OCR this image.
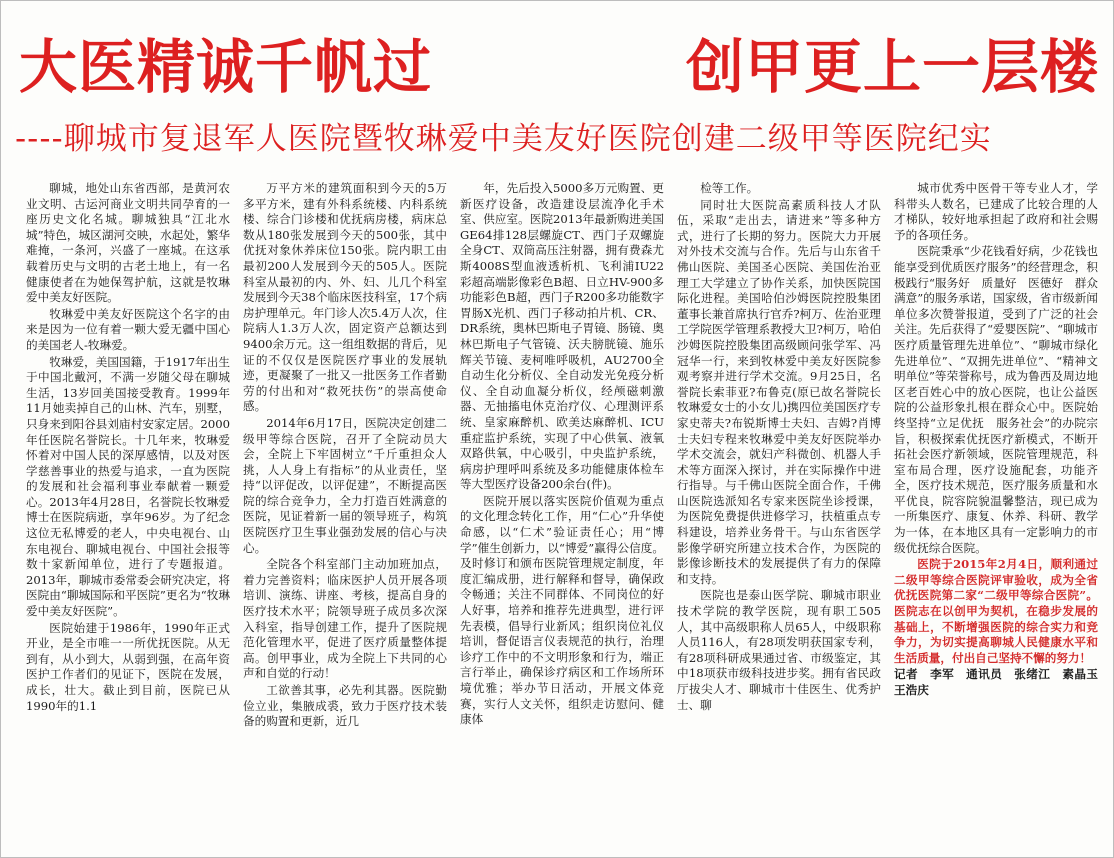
大医精诚千帆过	创甲更上一层楼
----聊城市复退军人医院暨牧琳爱中美友好医院创建二级甲等医院纪实

聊城，地处山东省西部，是黄河农业文明、古运河商业文明共同孕育的一座历史文化名城。聊城独具“江北水城”特色，城区湖河交映，水起处，繁华难掩，一条河，兴盛了一座城。在这承载着历史与文明的古老土地上，有一名健康使者在为她保驾护航，这就是牧琳爱中美友好医院。

牧琳爱中美友好医院这个名字的由来是因为一位有着一颗大爱无疆中国心的美国老人-牧琳爱。

牧琳爱，美国国籍，于1917年出生于中国北戴河，不满一岁随父母在聊城生活，13岁回美国接受教育。1999年11月她卖掉自己的山林、汽车，别墅，只身来到阳谷县刘庙村安家定居。2000年任医院名誉院长。十几年来，牧琳爱怀着对中国人民的深厚感情，以及对医学慈善事业的热爱与追求，一直为医院的发展和社会福利事业奉献着一颗爱心。2013年4月28日，名誉院长牧琳爱博士在医院病逝，享年96岁。为了纪念这位无私博爱的老人，中央电视台、山东电视台、聊城电视台、中国社会报等数十家新闻单位，进行了专题报道。2013年，聊城市委常委会研究决定，将医院由“聊城国际和平医院”更名为“牧琳爱中美友好医院”。

医院始建于1986年，1990年正式开业，是全市唯一一所优抚医院。从无到有，从小到大，从弱到强，在高年资医护工作者们的见证下，医院在发展，成长，壮大。截止到目前，医院已从1990年的1.1

万平方米的建筑面积到今天的5万多平方米，建有外科系统楼、内科系统楼、综合门诊楼和优抚病房楼，病床总数从180张发展到今天的500张，其中优抚对象休养床位150张。院内职工由最初200人发展到今天的505人。医院科室从最初的内、外、妇、儿几个科室发展到今天38个临床医技科室，17个病房护理单元。年门诊人次5.4万人次，住院病人1.3万人次，固定资产总额达到9400余万元。这一组组数据的背后，见证的不仅仅是医院医疗事业的发展轨迹，更凝聚了一批又一批医务工作者勤劳的付出和对“救死扶伤”的崇高使命感。

2014年6月17日，医院决定创建二级甲等综合医院，召开了全院动员大会，全院上下牢固树立“千斤重担众人挑，人人身上有指标”的从业责任，坚持“以评促改，以评促建”，不断提高医院的综合竞争力，全力打造百姓满意的医院，见证着新一届的领导班子，构筑医院医疗卫生事业强劲发展的信心与决心。

全院各个科室部门主动加班加点，着力完善资料；临床医护人员开展各项培训、演练、讲座、考核，提高自身的医疗技术水平；院领导班子成员多次深入科室，指导创建工作，提升了医院规范化管理水平，促进了医疗质量整体提高。创甲事业，成为全院上下共同的心声和自觉的行动！

工欲善其事，必先利其器。医院勤俭立业，集腋成裘，致力于医疗技术装备的购置和更新，近几

年，先后投入5000多万元购置、更新医疗设备，改造建设层流净化手术室、供应室。医院2013年最新购进美国GE64排128层螺旋CT、西门子双螺旋全身CT、双筒高压注射器，拥有费森尤斯4008S型血液透析机、飞利浦IU22彩超高端影像彩色B超、日立HV-900多功能彩色B超，西门子R200多功能数字胃肠X光机、西门子移动拍片机、CR、DR系统，奥林巴斯电子胃镜、肠镜、奥林巴斯电子气管镜、沃夫膀胱镜、施乐辉关节镜、麦柯唯呼吸机，AU2700全自动生化分析仪、全自动发光免疫分析仪、全自动血凝分析仪，经颅磁刺激器、无抽搐电休克治疗仪、心理测评系统、皇家麻醉机、欧美达麻醉机、ICU重症监护系统，实现了中心供氧、液氧双路供氧，中心吸引，中央监护系统，病房护理呼叫系统及多功能健康体检车等大型医疗设备200余台(件)。

医院开展以落实医院价值观为重点的文化理念转化工作，用“仁心”升华使命感，以“仁术”验证责任心；用“博学”催生创新力，以“博爱”赢得公信度。及时修订和颁布医院管理规定制度，年度汇编成册，进行解释和督导，确保政令畅通；关注不同群体、不同岗位的好人好事，培养和推荐先进典型，进行评先表模，倡导行业新风；组织岗位礼仪培训，督促语言仪表规范的执行，治理诊疗工作中的不文明形象和行为，端正言行举止，确保诊疗病区和工作场所环境优雅；举办节日活动，开展文体竞赛，实行人文关怀，组织走访慰问、健康体

检等工作。

同时壮大医院高素质科技人才队伍，采取“走出去，请进来”等多种方式，进行了长期的努力。医院大力开展对外技术交流与合作。先后与山东省千佛山医院、美国圣心医院、美国佐治亚理工大学建立了协作关系，加快医院国际化进程。美国哈伯沙姆医院控股集团董事长兼首席执行官乔?柯万、佐治亚理工学院医学管理系教授大卫?柯万，哈伯沙姆医院控股集团高级顾问张学军、冯冠华一行，来到牧林爱中美友好医院参观考察并进行学术交流。9月25日，名誉院长索菲亚?布鲁克(原已故名誉院长牧琳爱女士的小女儿)携四位美国医疗专家史蒂夫?布锐斯博士夫妇、吉姆?肖博士夫妇专程来牧琳爱中美友好医院举办学术交流会，就妇产科微创、机器人手术等方面深入探讨，并在实际操作中进行指导。与千佛山医院全面合作，千佛山医院选派知名专家来医院坐诊授课，为医院免费提供进修学习，扶植重点专科建设，培养业务骨干。与山东省医学影像学研究所建立技术合作，为医院的影像诊断技术的发展提供了有力的保障和支持。

医院也是泰山医学院、聊城市职业技术学院的教学医院，现有职工505人，其中高级职称人员65人，中级职称人员116人，有28项发明获国家专利，有28项科研成果通过省、市级鉴定，其中18项获市级科技进步奖。拥有省民政厅拔尖人才、聊城市十佳医生、优秀护士、聊

城市优秀中医骨干等专业人才，学科带头人数名，已建成了比较合理的人才梯队，较好地承担起了政府和社会赐予的各项任务。

医院秉承“少花钱看好病，少花钱也能享受到优质医疗服务”的经营理念，积极践行“服务好　质量好　医德好　群众满意”的服务承诺，国家级，省市级新闻单位多次赞誉报道，受到了广泛的社会关注。先后获得了“爱婴医院”、“聊城市医疗质量管理先进单位”、“聊城市绿化先进单位”、“双拥先进单位”、“精神文明单位”等荣誉称号，成为鲁西及周边地区老百姓心中的放心医院，也让公益医院的公益形象扎根在群众心中。医院始终坚持“立足优抚　服务社会”的办院宗旨，积极探索优抚医疗新模式，不断开拓社会医疗新领域，医院管理规范，科室布局合理，医疗设施配套，功能齐全，医疗技术规范，医疗服务质量和水平优良，院容院貌温馨整洁，现已成为一所集医疗、康复、休养、科研、教学为一体，在本地区具有一定影响力的市级优抚综合医院。

医院于2015年2月4日，顺利通过二级甲等综合医院评审验收，成为全省优抚医院第二家“二级甲等综合医院”。医院志在以创甲为契机，在稳步发展的基础上，不断增强医院的综合实力和竞争力，为切实提高聊城人民健康水平和生活质量，付出自己坚持不懈的努力！

记者　李军　通讯员　张绪江　素晶玉　王浩庆
